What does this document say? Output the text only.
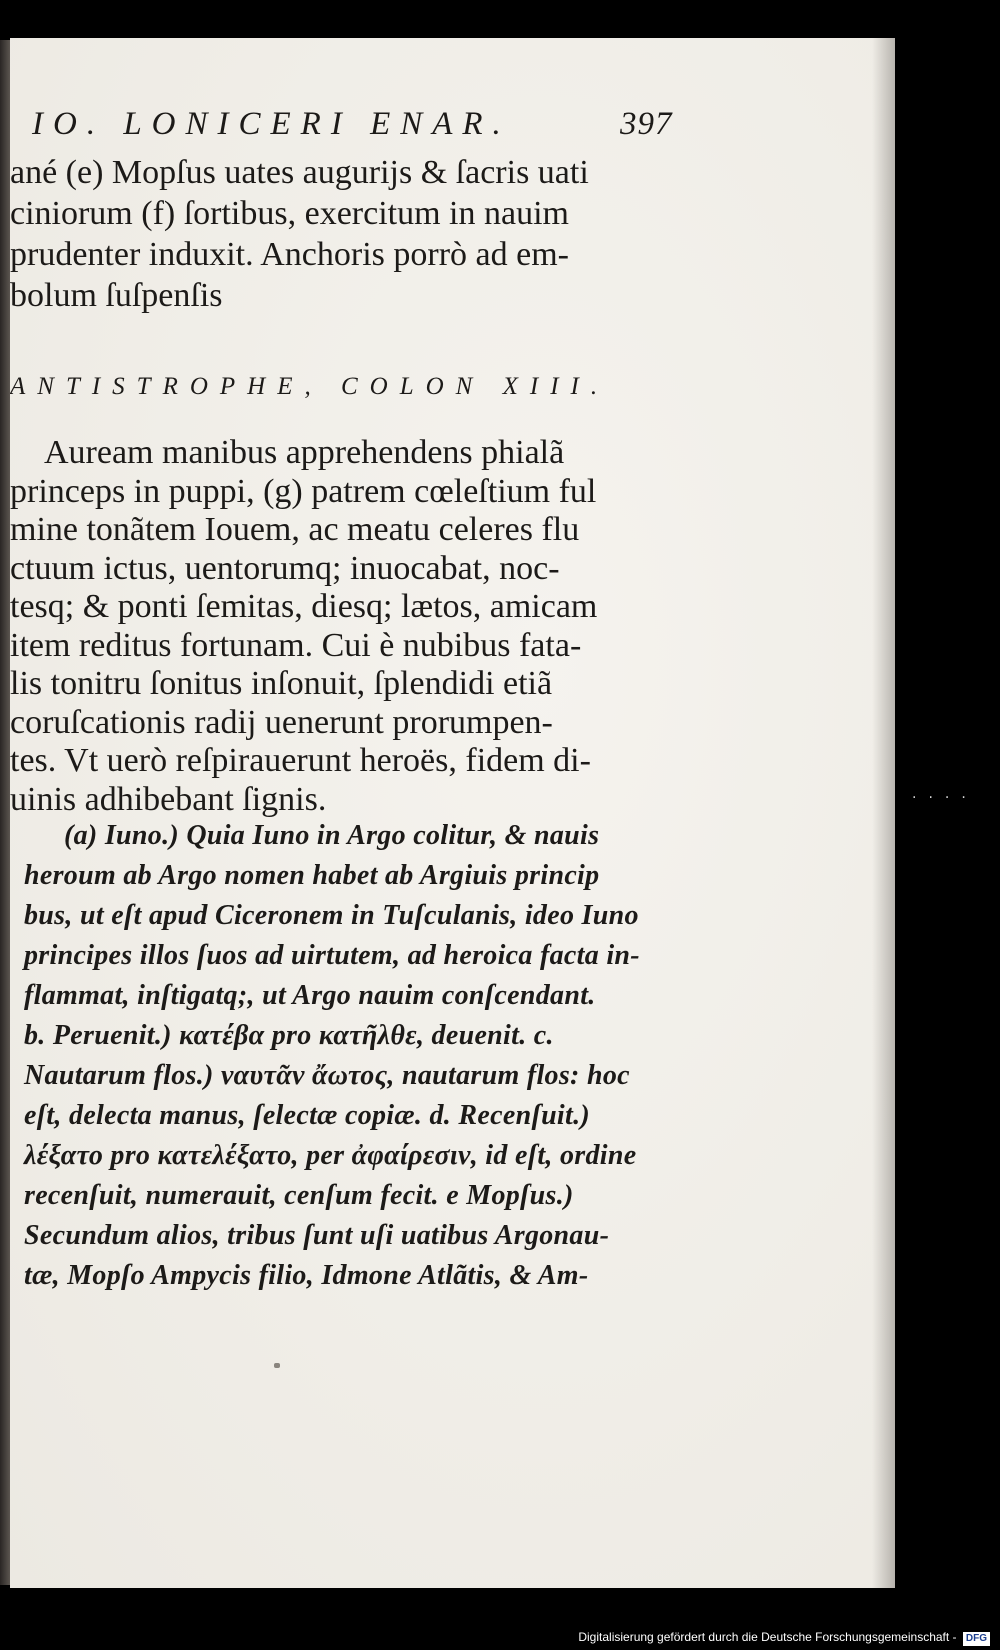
IO. LONICERI ENAR.	397
ané (e) Mopſus uates augurijs & ſacris uati
ciniorum (f) ſortibus, exercitum in nauim
prudenter induxit. Anchoris porrò ad em-
bolum ſuſpenſis
ANTISTROPHE, COLON XIII.
Auream manibus apprehendens phialã
princeps in puppi, (g) patrem cœleſtium ful
mine tonãtem Iouem, ac meatu celeres flu
ctuum ictus, uentorumq; inuocabat, noc-
tesq; & ponti ſemitas, diesq; lætos, amicam
item reditus fortunam. Cui è nubibus fata-
lis tonitru ſonitus inſonuit, ſplendidi etiã
coruſcationis radij uenerunt prorumpen-
tes. Vt uerò reſpirauerunt heroës, fidem di-
uinis adhibebant ſignis.
(a) Iuno.) Quia Iuno in Argo colitur, & nauis
heroum ab Argo nomen habet ab Argiuis princip
bus, ut eſt apud Ciceronem in Tuſculanis, ideo Iuno
principes illos ſuos ad uirtutem, ad heroica facta in-
flammat, inſtigatq;, ut Argo nauim conſcendant.
b. Peruenit.) κατέβα pro κατῆλθε, deuenit. c.
Nautarum flos.) ναυτᾶν ἄωτος, nautarum flos: hoc
eſt, delecta manus, ſelectæ copiæ. d. Recenſuit.)
λέξατο pro κατελέξατο, per ἀφαίρεσιν, id eſt, ordine
recenſuit, numerauit, cenſum fecit. e Mopſus.)
Secundum alios, tribus ſunt uſi uatibus Argonau-
tæ, Mopſo Ampycis filio, Idmone Atlãtis, & Am-
····
Digitalisierung gefördert durch die Deutsche Forschungsgemeinschaft - DFG
